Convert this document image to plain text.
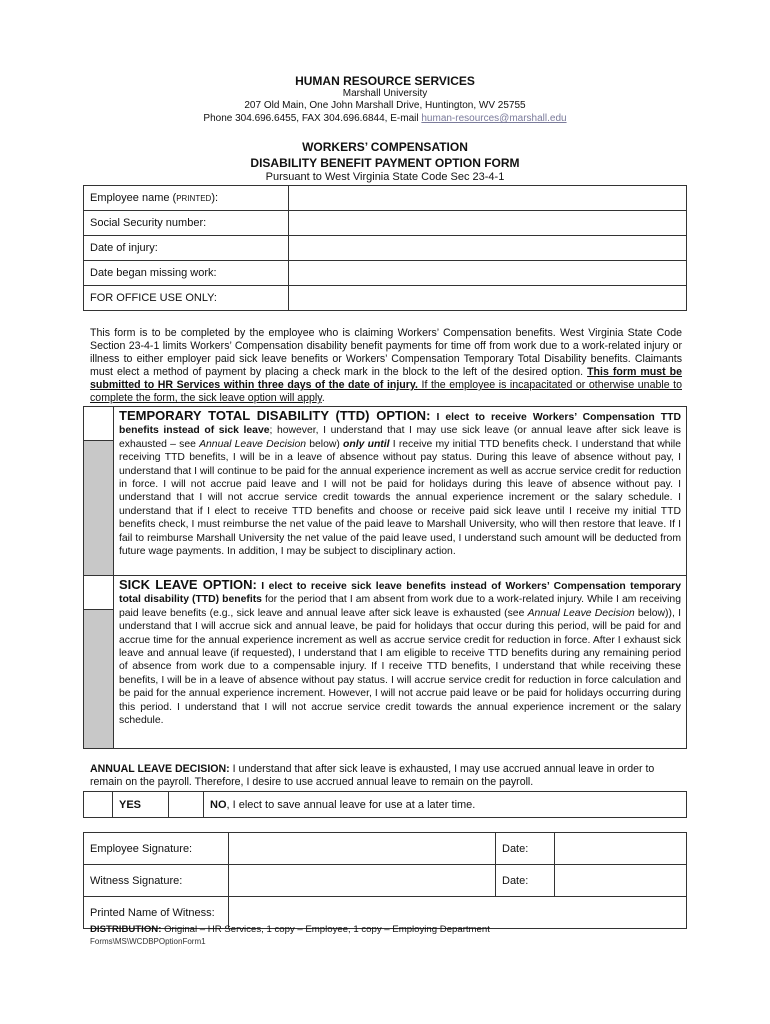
HUMAN RESOURCE SERVICES
Marshall University
207 Old Main, One John Marshall Drive, Huntington, WV 25755
Phone 304.696.6455, FAX 304.696.6844, E-mail human-resources@marshall.edu
WORKERS’ COMPENSATION
DISABILITY BENEFIT PAYMENT OPTION FORM
Pursuant to West Virginia State Code Sec 23-4-1
Employee name (PRINTED):	
Social Security number:	
Date of injury:	
Date began missing work:	
FOR OFFICE USE ONLY:	
This form is to be completed by the employee who is claiming Workers’ Compensation benefits. West Virginia State Code Section 23-4-1 limits Workers’ Compensation disability benefit payments for time off from work due to a work-related injury or illness to either employer paid sick leave benefits or Workers’ Compensation Temporary Total Disability benefits. Claimants must elect a method of payment by placing a check mark in the block to the left of the desired option. This form must be submitted to HR Services within three days of the date of injury. If the employee is incapacitated or otherwise unable to complete the form, the sick leave option will apply.
TEMPORARY TOTAL DISABILITY (TTD) OPTION: I elect to receive Workers’ Compensation TTD benefits instead of sick leave; however, I understand that I may use sick leave (or annual leave after sick leave is exhausted – see Annual Leave Decision below) only until I receive my initial TTD benefits check. I understand that while receiving TTD benefits, I will be in a leave of absence without pay status. During this leave of absence without pay, I understand that I will continue to be paid for the annual experience increment as well as accrue service credit for reduction in force. I will not accrue paid leave and I will not be paid for holidays during this leave of absence without pay. I understand that I will not accrue service credit towards the annual experience increment or the salary schedule. I understand that if I elect to receive TTD benefits and choose or receive paid sick leave until I receive my initial TTD benefits check, I must reimburse the net value of the paid leave to Marshall University, who will then restore that leave. If I fail to reimburse Marshall University the net value of the paid leave used, I understand such amount will be deducted from future wage payments. In addition, I may be subject to disciplinary action.
SICK LEAVE OPTION: I elect to receive sick leave benefits instead of Workers’ Compensation temporary total disability (TTD) benefits for the period that I am absent from work due to a work-related injury. While I am receiving paid leave benefits (e.g., sick leave and annual leave after sick leave is exhausted (see Annual Leave Decision below)), I understand that I will accrue sick and annual leave, be paid for holidays that occur during this period, will be paid for and accrue time for the annual experience increment as well as accrue service credit for reduction in force. After I exhaust sick leave and annual leave (if requested), I understand that I am eligible to receive TTD benefits during any remaining period of absence from work due to a compensable injury. If I receive TTD benefits, I understand that while receiving these benefits, I will be in a leave of absence without pay status. I will accrue service credit for reduction in force calculation and be paid for the annual experience increment. However, I will not accrue paid leave or be paid for holidays occurring during this period. I understand that I will not accrue service credit towards the annual experience increment or the salary schedule.
ANNUAL LEAVE DECISION: I understand that after sick leave is exhausted, I may use accrued annual leave in order to remain on the payroll. Therefore, I desire to use accrued annual leave to remain on the payroll.
	YES		NO, I elect to save annual leave for use at a later time.
Employee Signature:		Date:	
Witness Signature:		Date:	
Printed Name of Witness:			
DISTRIBUTION: Original – HR Services, 1 copy – Employee, 1 copy – Employing Department
Forms\MS\WCDBPOptionForm1
